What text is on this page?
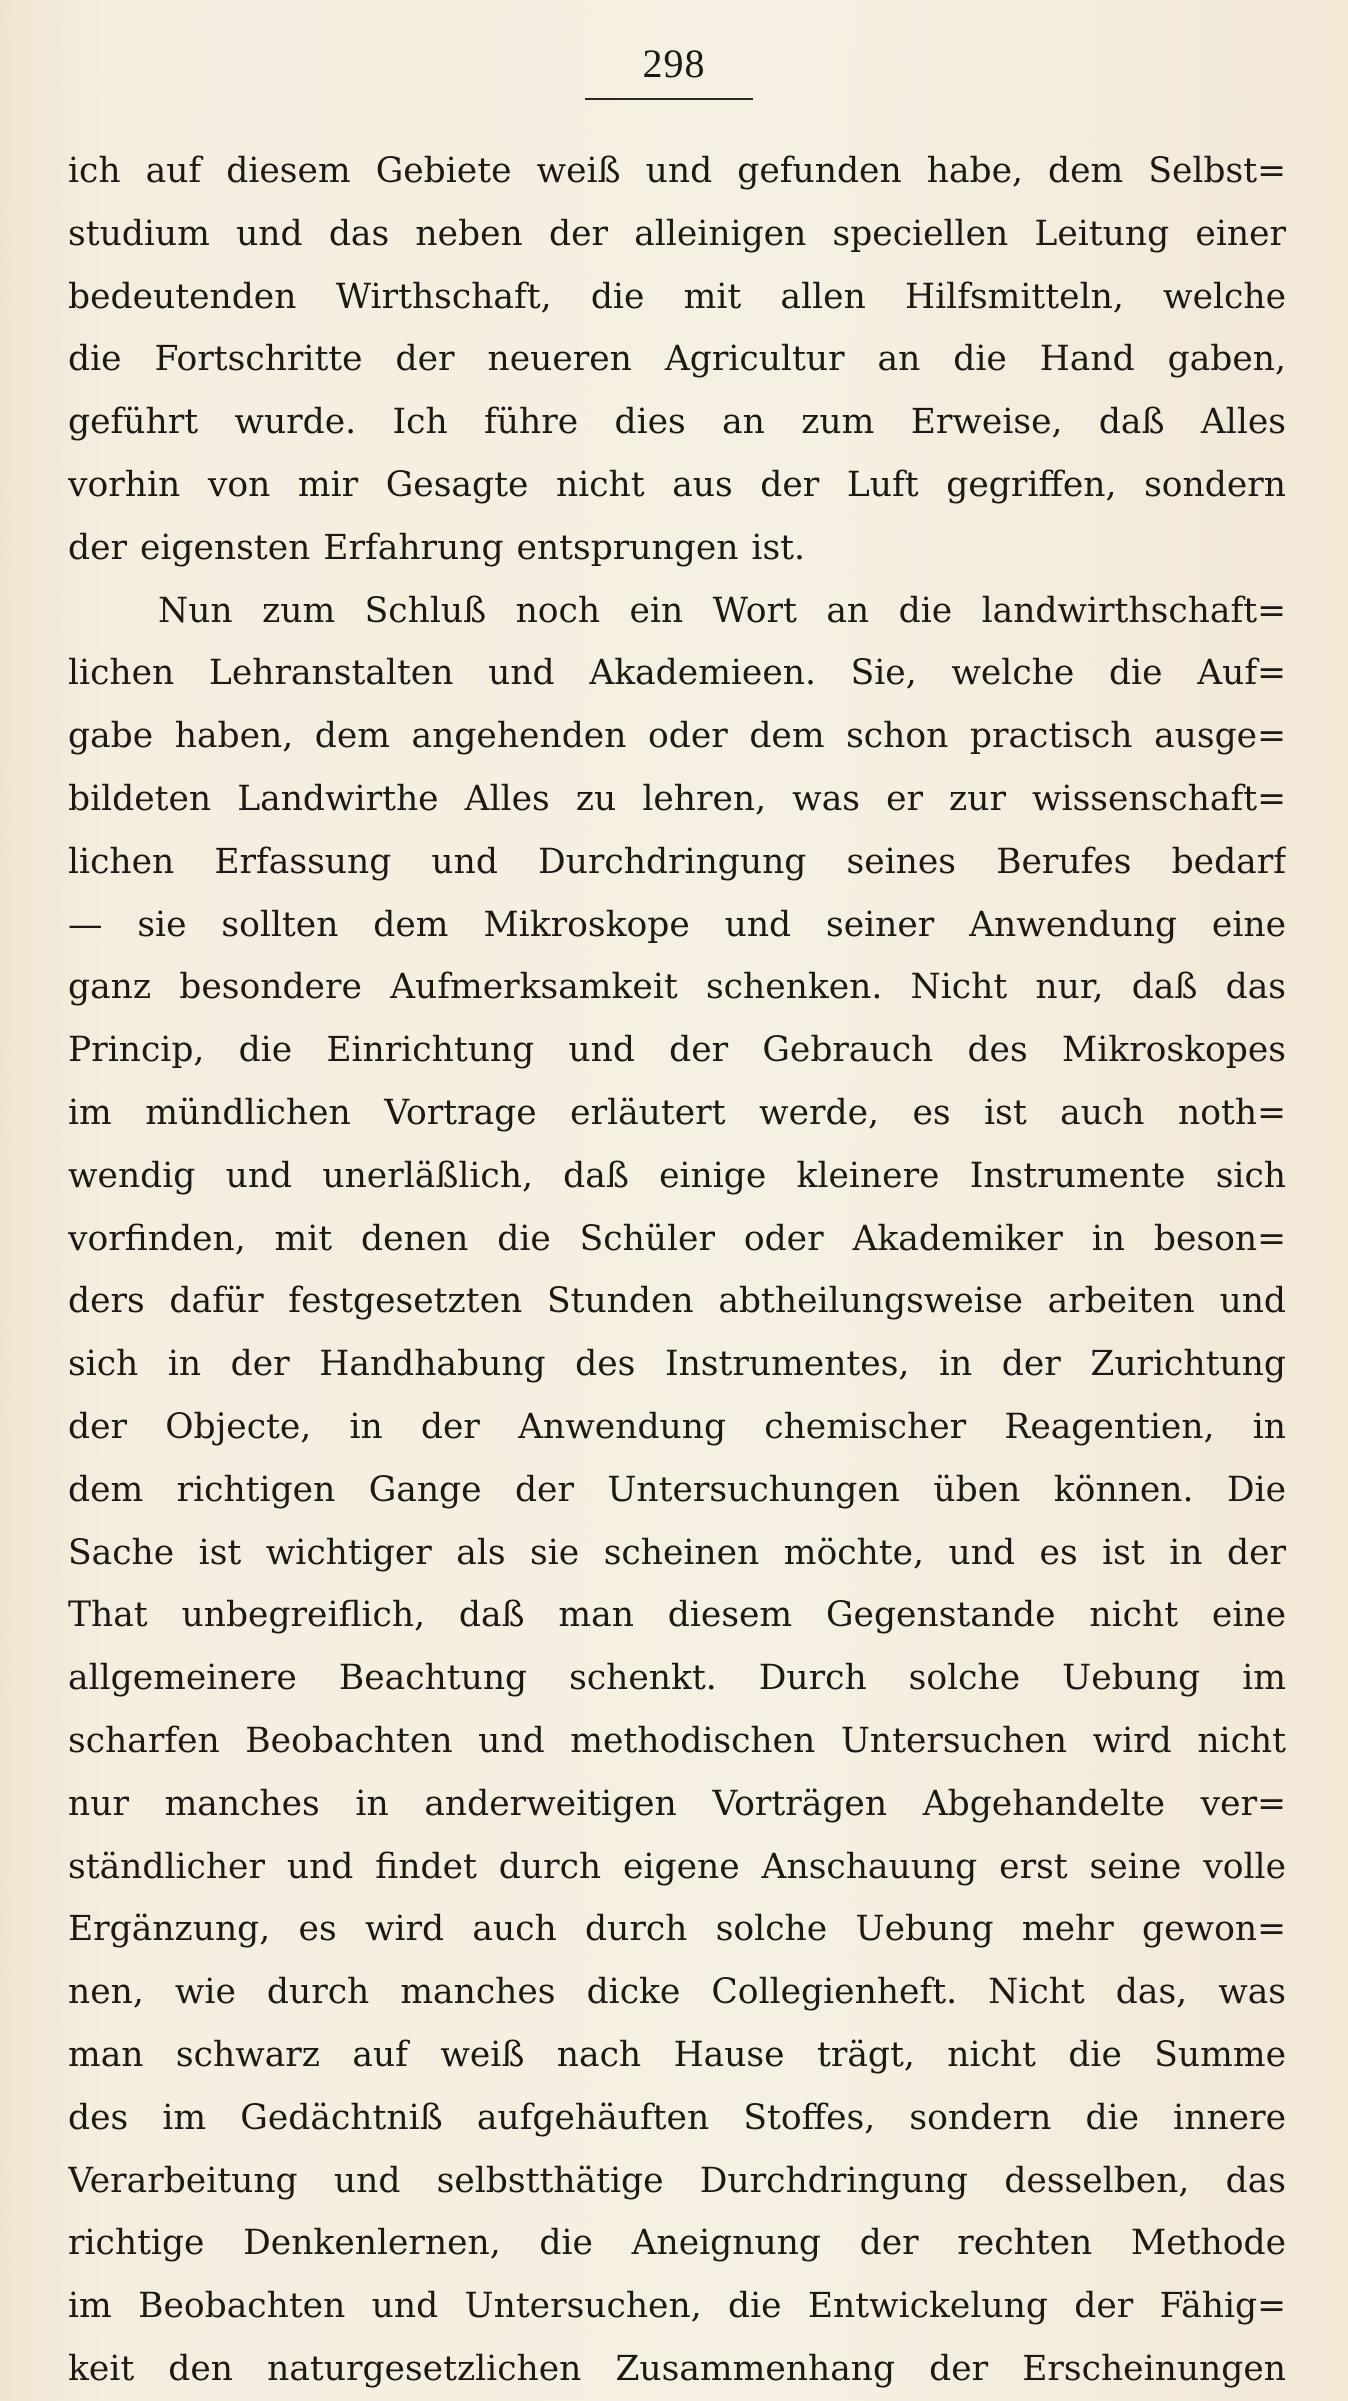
298
ich auf diesem Gebiete weiß und gefunden habe, dem Selbst=
studium und das neben der alleinigen speciellen Leitung einer
bedeutenden Wirthschaft, die mit allen Hilfsmitteln, welche
die Fortschritte der neueren Agricultur an die Hand gaben,
geführt wurde. Ich führe dies an zum Erweise, daß Alles
vorhin von mir Gesagte nicht aus der Luft gegriffen, sondern
der eigensten Erfahrung entsprungen ist.
Nun zum Schluß noch ein Wort an die landwirthschaft=
lichen Lehranstalten und Akademieen. Sie, welche die Auf=
gabe haben, dem angehenden oder dem schon practisch ausge=
bildeten Landwirthe Alles zu lehren, was er zur wissenschaft=
lichen Erfassung und Durchdringung seines Berufes bedarf
— sie sollten dem Mikroskope und seiner Anwendung eine
ganz besondere Aufmerksamkeit schenken. Nicht nur, daß das
Princip, die Einrichtung und der Gebrauch des Mikroskopes
im mündlichen Vortrage erläutert werde, es ist auch noth=
wendig und unerläßlich, daß einige kleinere Instrumente sich
vorfinden, mit denen die Schüler oder Akademiker in beson=
ders dafür festgesetzten Stunden abtheilungsweise arbeiten und
sich in der Handhabung des Instrumentes, in der Zurichtung
der Objecte, in der Anwendung chemischer Reagentien, in
dem richtigen Gange der Untersuchungen üben können. Die
Sache ist wichtiger als sie scheinen möchte, und es ist in der
That unbegreiflich, daß man diesem Gegenstande nicht eine
allgemeinere Beachtung schenkt. Durch solche Uebung im
scharfen Beobachten und methodischen Untersuchen wird nicht
nur manches in anderweitigen Vorträgen Abgehandelte ver=
ständlicher und findet durch eigene Anschauung erst seine volle
Ergänzung, es wird auch durch solche Uebung mehr gewon=
nen, wie durch manches dicke Collegienheft. Nicht das, was
man schwarz auf weiß nach Hause trägt, nicht die Summe
des im Gedächtniß aufgehäuften Stoffes, sondern die innere
Verarbeitung und selbstthätige Durchdringung desselben, das
richtige Denkenlernen, die Aneignung der rechten Methode
im Beobachten und Untersuchen, die Entwickelung der Fähig=
keit den naturgesetzlichen Zusammenhang der Erscheinungen
